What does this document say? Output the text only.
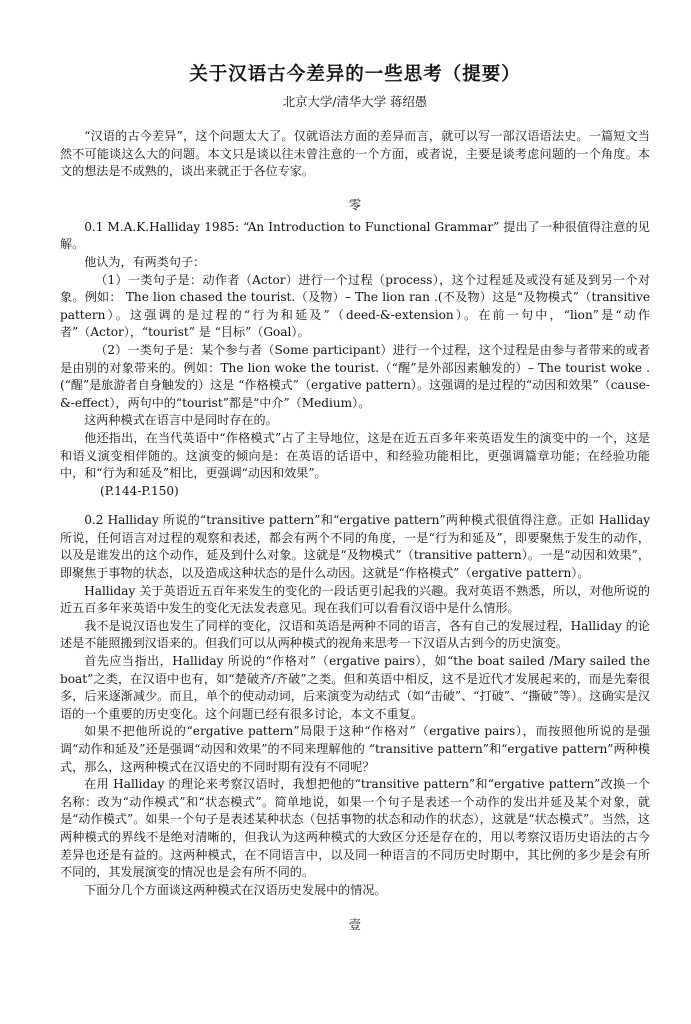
关于汉语古今差异的一些思考（提要）
北京大学/清华大学 蒋绍愚

“汉语的古今差异”，这个问题太大了。仅就语法方面的差异而言，就可以写一部汉语语法史。一篇短文当然不可能谈这么大的问题。本文只是谈以往未曾注意的一个方面，或者说，主要是谈考虑问题的一个角度。本文的想法是不成熟的，谈出来就正于各位专家。

零

0.1 M.A.K.Halliday 1985: “An Introduction to Functional Grammar” 提出了一种很值得注意的见解。

他认为，有两类句子：

（1）一类句子是：动作者（Actor）进行一个过程（process），这个过程延及或没有延及到另一个对象。例如： The lion chased the tourist.（及物）– The lion ran .(不及物）这是“及物模式”（transitive pattern）。这强调的是过程的“行为和延及”（deed-&-extension）。在前一句中，“lion”是“动作者”（Actor），“tourist” 是 “目标”（Goal）。

（2）一类句子是：某个参与者（Some participant）进行一个过程，这个过程是由参与者带来的或者是由别的对象带来的。例如：The lion woke the tourist.（“醒”是外部因素触发的）– The tourist woke .(“醒”是旅游者自身触发的）这是 “作格模式”（ergative pattern）。这强调的是过程的“动因和效果”（cause-&-effect），两句中的“tourist”都是“中介”（Medium）。

这两种模式在语言中是同时存在的。

他还指出，在当代英语中“作格模式”占了主导地位，这是在近五百多年来英语发生的演变中的一个，这是和语义演变相伴随的。这演变的倾向是：在英语的话语中，和经验功能相比，更强调篇章功能；在经验功能中，和“行为和延及”相比，更强调“动因和效果”。

(P.144-P.150)

0.2 Halliday 所说的“transitive pattern”和“ergative pattern”两种模式很值得注意。正如 Halliday 所说，任何语言对过程的观察和表述，都会有两个不同的角度，一是“行为和延及”，即要聚焦于发生的动作，以及是谁发出的这个动作，延及到什么对象。这就是“及物模式”（transitive pattern）。一是“动因和效果”，即聚焦于事物的状态，以及造成这种状态的是什么动因。这就是“作格模式”（ergative pattern）。

Halliday 关于英语近五百年来发生的变化的一段话更引起我的兴趣。我对英语不熟悉，所以，对他所说的近五百多年来英语中发生的变化无法发表意见。现在我们可以看看汉语中是什么情形。

我不是说汉语也发生了同样的变化，汉语和英语是两种不同的语言，各有自己的发展过程，Halliday 的论述是不能照搬到汉语来的。但我们可以从两种模式的视角来思考一下汉语从古到今的历史演变。

首先应当指出，Halliday 所说的“作格对”（ergative pairs），如“the boat sailed /Mary sailed the boat”之类，在汉语中也有，如“楚破齐/齐破”之类。但和英语中相反，这不是近代才发展起来的，而是先秦很多，后来逐渐减少。而且，单个的使动动词，后来演变为动结式（如“击破”、“打破”、“撕破”等）。这确实是汉语的一个重要的历史变化。这个问题已经有很多讨论，本文不重复。

如果不把他所说的“ergative pattern”局限于这种“作格对”（ergative pairs），而按照他所说的是强调“动作和延及”还是强调“动因和效果”的不同来理解他的 “transitive pattern”和“ergative pattern”两种模式，那么，这两种模式在汉语史的不同时期有没有不同呢？

在用 Halliday 的理论来考察汉语时，我想把他的“transitive pattern”和“ergative pattern”改换一个名称：改为“动作模式”和“状态模式”。简单地说，如果一个句子是表述一个动作的发出并延及某个对象，就是“动作模式”。如果一个句子是表述某种状态（包括事物的状态和动作的状态），这就是“状态模式”。当然，这两种模式的界线不是绝对清晰的，但我认为这两种模式的大致区分还是存在的，用以考察汉语历史语法的古今差异也还是有益的。这两种模式，在不同语言中，以及同一种语言的不同历史时期中，其比例的多少是会有所不同的，其发展演变的情况也是会有所不同的。

下面分几个方面谈这两种模式在汉语历史发展中的情况。

壹
